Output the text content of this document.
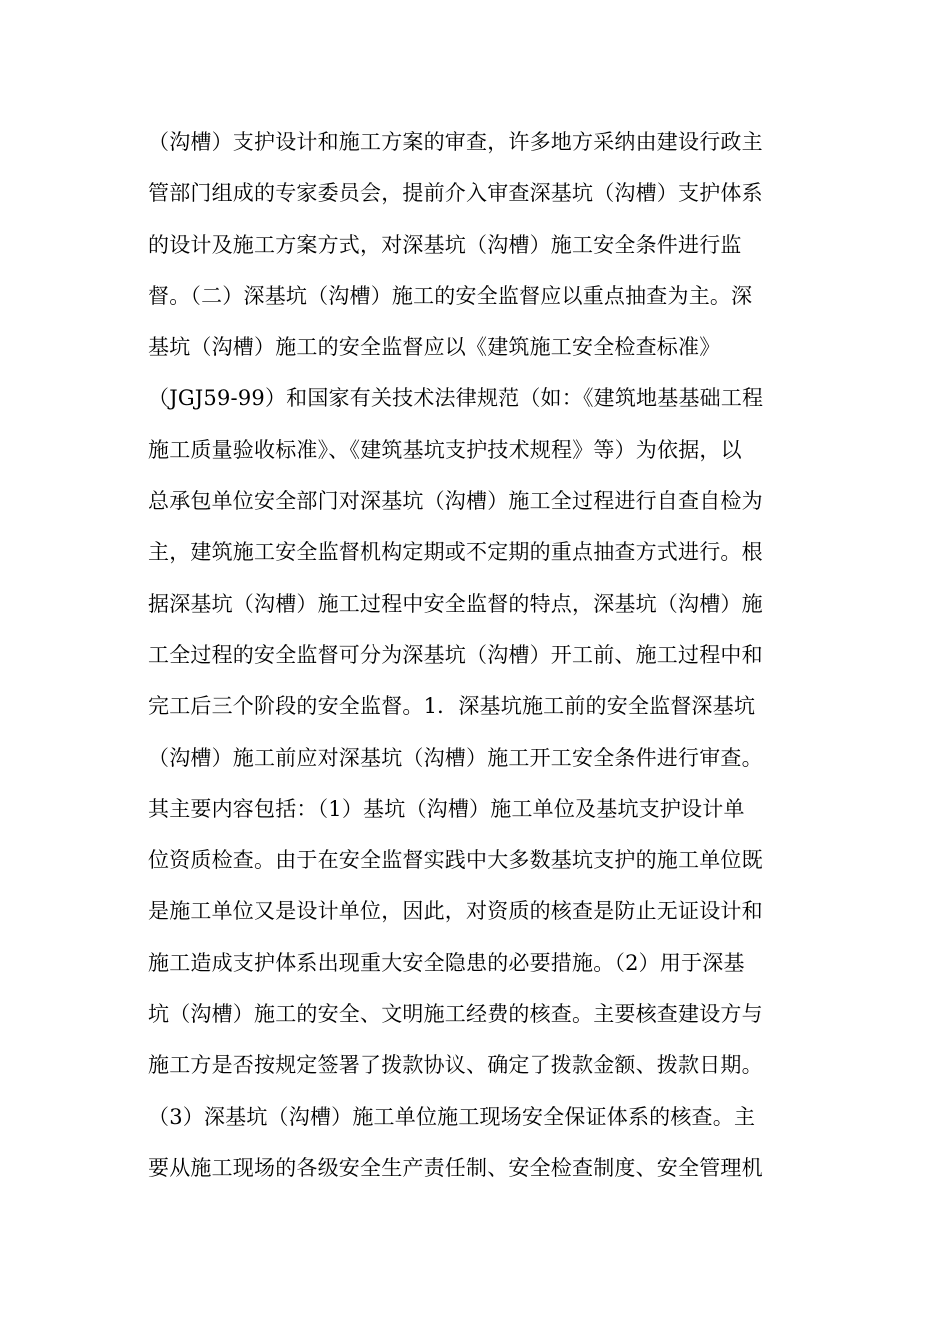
（沟槽）支护设计和施工方案的审查，许多地方采纳由建设行政主
管部门组成的专家委员会，提前介入审查深基坑（沟槽）支护体系
的设计及施工方案方式，对深基坑（沟槽）施工安全条件进行监
督。（二）深基坑（沟槽）施工的安全监督应以重点抽查为主。深
基坑（沟槽）施工的安全监督应以《建筑施工安全检查标准》
（JGJ59-99）和国家有关技术法律规范（如：《建筑地基基础工程
施工质量验收标准》、《建筑基坑支护技术规程》等）为依据，以
总承包单位安全部门对深基坑（沟槽）施工全过程进行自查自检为
主，建筑施工安全监督机构定期或不定期的重点抽查方式进行。根
据深基坑（沟槽）施工过程中安全监督的特点，深基坑（沟槽）施
工全过程的安全监督可分为深基坑（沟槽）开工前、施工过程中和
完工后三个阶段的安全监督。1．深基坑施工前的安全监督深基坑
（沟槽）施工前应对深基坑（沟槽）施工开工安全条件进行审查。
其主要内容包括：（1）基坑（沟槽）施工单位及基坑支护设计单
位资质检查。由于在安全监督实践中大多数基坑支护的施工单位既
是施工单位又是设计单位，因此，对资质的核查是防止无证设计和
施工造成支护体系出现重大安全隐患的必要措施。（2）用于深基
坑（沟槽）施工的安全、文明施工经费的核查。主要核查建设方与
施工方是否按规定签署了拨款协议、确定了拨款金额、拨款日期。
（3）深基坑（沟槽）施工单位施工现场安全保证体系的核查。主
要从施工现场的各级安全生产责任制、安全检查制度、安全管理机
